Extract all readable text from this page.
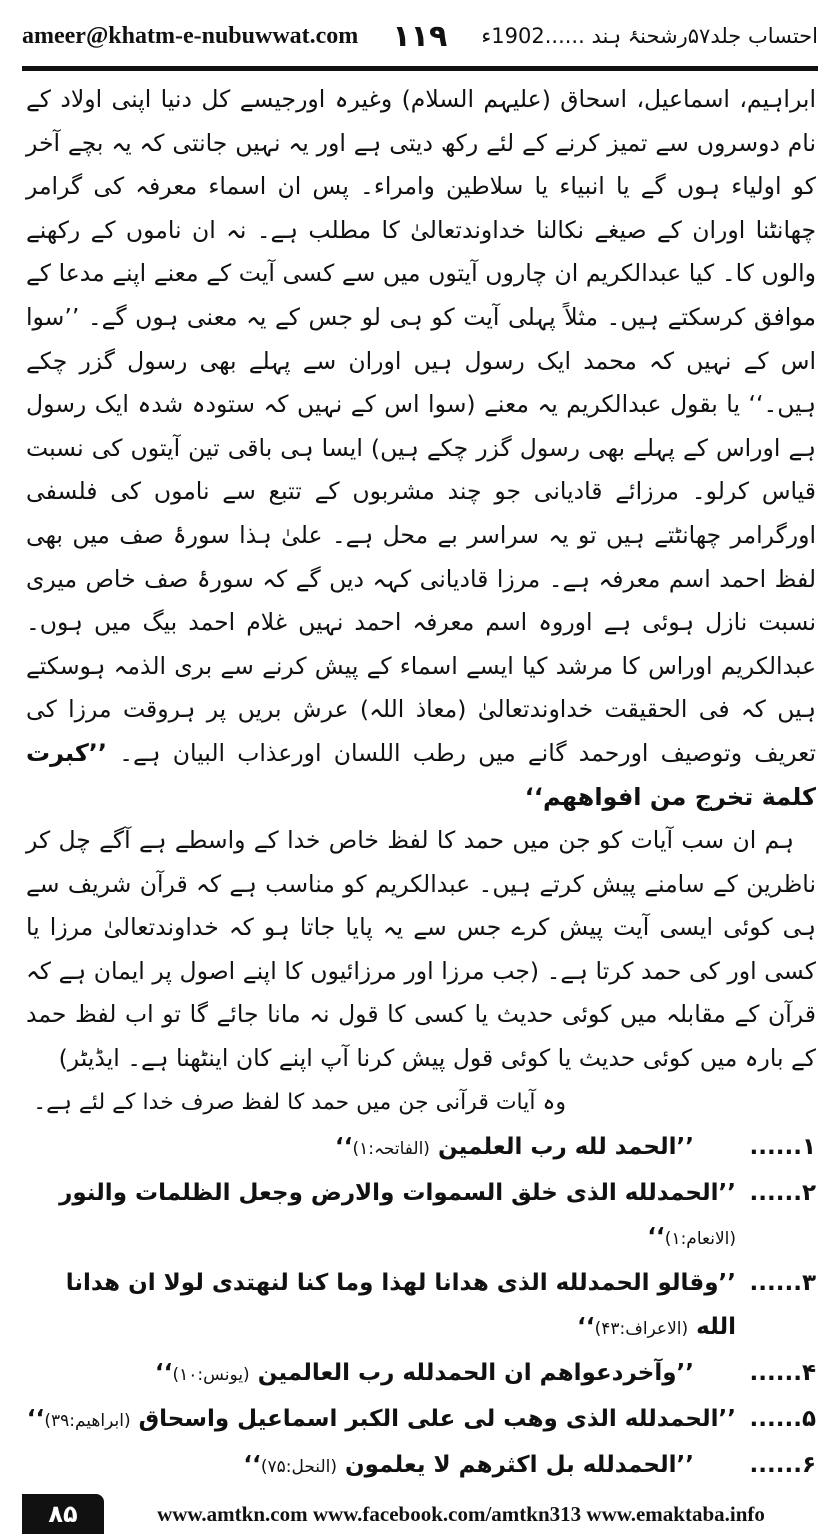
ameer@khatm-e-nubuwwat.com ۱۱۹ احتساب جلد۵۷رشحنۂ ہند ......1902ء

ابراہیم، اسماعیل، اسحاق (علیہم السلام) وغیرہ اورجیسے کل دنیا اپنی اولاد کے نام دوسروں سے تمیز کرنے کے لئے رکھ دیتی ہے اور یہ نہیں جانتی کہ یہ بچے آخر کو اولیاء ہوں گے یا انبیاء یا سلاطین وامراء۔ پس ان اسماء معرفہ کی گرامر چھانٹنا اوران کے صیغے نکالنا خداوندتعالیٰ کا مطلب ہے۔ نہ ان ناموں کے رکھنے والوں کا۔ کیا عبدالکریم ان چاروں آیتوں میں سے کسی آیت کے معنے اپنے مدعا کے موافق کرسکتے ہیں۔ مثلاً پہلی آیت کو ہی لو جس کے یہ معنی ہوں گے۔ ’’سوا اس کے نہیں کہ محمد ایک رسول ہیں اوران سے پہلے بھی رسول گزر چکے ہیں۔‘‘ یا بقول عبدالکریم یہ معنے (سوا اس کے نہیں کہ ستودہ شدہ ایک رسول ہے اوراس کے پہلے بھی رسول گزر چکے ہیں) ایسا ہی باقی تین آیتوں کی نسبت قیاس کرلو۔ مرزائے قادیانی جو چند مشربوں کے تتبع سے ناموں کی فلسفی اورگرامر چھانٹتے ہیں تو یہ سراسر بے محل ہے۔ علیٰ ہذا سورۂ صف میں بھی لفظ احمد اسم معرفہ ہے۔ مرزا قادیانی کہہ دیں گے کہ سورۂ صف خاص میری نسبت نازل ہوئی ہے اوروہ اسم معرفہ احمد نہیں غلام احمد بیگ میں ہوں۔ عبدالکریم اوراس کا مرشد کیا ایسے اسماء کے پیش کرنے سے بری الذمہ ہوسکتے ہیں کہ فی الحقیقت خداوندتعالیٰ (معاذ اللہ) عرش بریں پر ہروقت مرزا کی تعریف وتوصیف اورحمد گانے میں رطب اللسان اورعذاب البیان ہے۔ ’’کبرت کلمة تخرج من افواهھم‘‘

ہم ان سب آیات کو جن میں حمد کا لفظ خاص خدا کے واسطے ہے آگے چل کر ناظرین کے سامنے پیش کرتے ہیں۔ عبدالکریم کو مناسب ہے کہ قرآن شریف سے ہی کوئی ایسی آیت پیش کرے جس سے یہ پایا جاتا ہو کہ خداوندتعالیٰ مرزا یا کسی اور کی حمد کرتا ہے۔ (جب مرزا اور مرزائیوں کا اپنے اصول پر ایمان ہے کہ قرآن کے مقابلہ میں کوئی حدیث یا کسی کا قول نہ مانا جائے گا تو اب لفظ حمد کے بارہ میں کوئی حدیث یا کوئی قول پیش کرنا آپ اپنے کان اینٹھنا ہے۔ ایڈیٹر)

وہ آیات قرآنی جن میں حمد کا لفظ صرف خدا کے لئے ہے۔

۱......
’’الحمد لله رب العلمين (الفاتحہ:۱)‘‘
۲......
’’الحمدلله الذى خلق السموات والارض وجعل الظلمات والنور (الانعام:۱)‘‘
۳......
’’وقالو الحمدلله الذى هدانا لهذا وما كنا لنهتدى لولا ان هدانا الله (الاعراف:۴۳)‘‘
۴......
’’وآخردعواهم ان الحمدلله رب العالمين (یونس:۱۰)‘‘
۵......
’’الحمدلله الذى وهب لى على الكبر اسماعيل واسحاق (ابراھیم:۳۹)‘‘
۶......
’’الحمدلله بل اكثرهم لا يعلمون (النحل:۷۵)‘‘
۸۵	www.amtkn.com www.facebook.com/amtkn313 www.emaktaba.info
